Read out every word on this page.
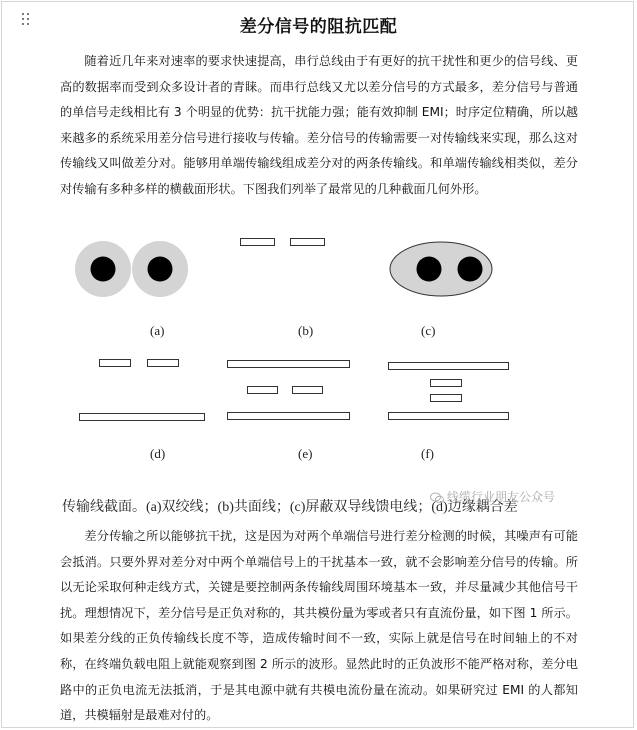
差分信号的阻抗匹配

随着近几年来对速率的要求快速提高，串行总线由于有更好的抗干扰性和更少的信号线、更高的数据率而受到众多设计者的青睐。而串行总线又尤以差分信号的方式最多，差分信号与普通的单信号走线相比有 3 个明显的优势：抗干扰能力强；能有效抑制 EMI；时序定位精确，所以越来越多的系统采用差分信号进行接收与传输。差分信号的传输需要一对传输线来实现，那么这对传输线又叫做差分对。能够用单端传输线组成差分对的两条传输线。和单端传输线相类似，差分对传输有多种多样的横截面形状。下图我们列举了最常见的几种截面几何外形。

(a)	(b)	(c)
(d)	(e)	(f)
传输线截面。(a)双绞线；(b)共面线；(c)屏蔽双导线馈电线；(d)边缘耦合差
线缆行业朋友公众号

差分传输之所以能够抗干扰，这是因为对两个单端信号进行差分检测的时候，其噪声有可能会抵消。只要外界对差分对中两个单端信号上的干扰基本一致，就不会影响差分信号的传输。所以无论采取何种走线方式，关键是要控制两条传输线周围环境基本一致，并尽量减少其他信号干扰。理想情况下，差分信号是正负对称的，其共模份量为零或者只有直流份量，如下图 1 所示。如果差分线的正负传输线长度不等，造成传输时间不一致，实际上就是信号在时间轴上的不对称，在终端负载电阻上就能观察到图 2 所示的波形。显然此时的正负波形不能严格对称，差分电路中的正负电流无法抵消，于是其电源中就有共模电流份量在流动。如果研究过 EMI 的人都知道，共模辐射是最难对付的。
